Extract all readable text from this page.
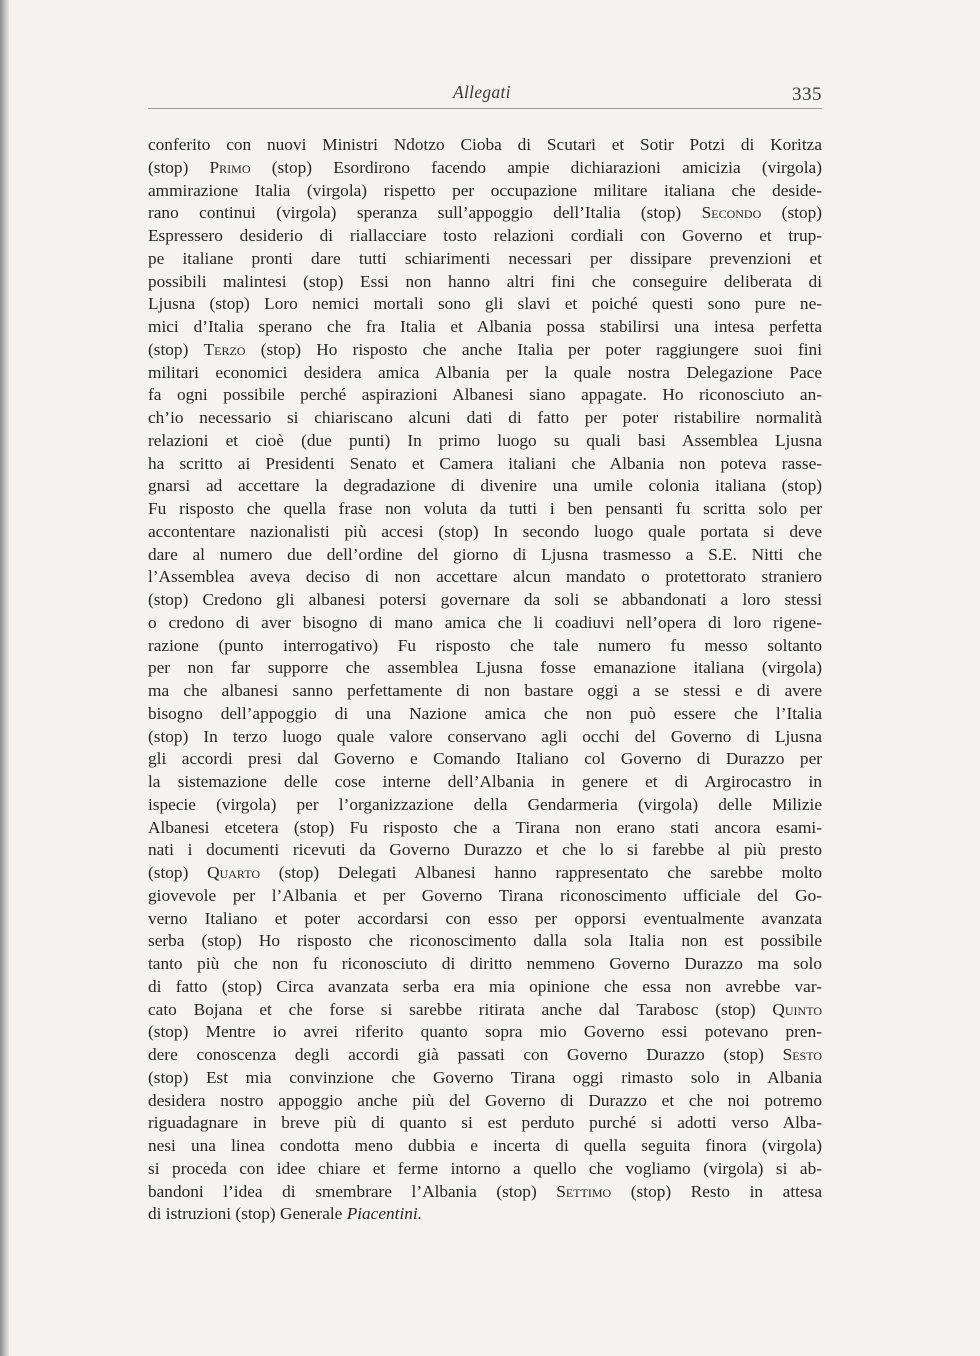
Allegati	335
conferito con nuovi Ministri Ndotzo Cioba di Scutari et Sotir Potzi di Koritza
(stop) Primo (stop) Esordirono facendo ampie dichiarazioni amicizia (virgola)
ammirazione Italia (virgola) rispetto per occupazione militare italiana che deside-
rano continui (virgola) speranza sull’appoggio dell’Italia (stop) Secondo (stop)
Espressero desiderio di riallacciare tosto relazioni cordiali con Governo et trup-
pe italiane pronti dare tutti schiarimenti necessari per dissipare prevenzioni et
possibili malintesi (stop) Essi non hanno altri fini che conseguire deliberata di
Ljusna (stop) Loro nemici mortali sono gli slavi et poiché questi sono pure ne-
mici d’Italia sperano che fra Italia et Albania possa stabilirsi una intesa perfetta
(stop) Terzo (stop) Ho risposto che anche Italia per poter raggiungere suoi fini
militari economici desidera amica Albania per la quale nostra Delegazione Pace
fa ogni possibile perché aspirazioni Albanesi siano appagate. Ho riconosciuto an-
ch’io necessario si chiariscano alcuni dati di fatto per poter ristabilire normalità
relazioni et cioè (due punti) In primo luogo su quali basi Assemblea Ljusna
ha scritto ai Presidenti Senato et Camera italiani che Albania non poteva rasse-
gnarsi ad accettare la degradazione di divenire una umile colonia italiana (stop)
Fu risposto che quella frase non voluta da tutti i ben pensanti fu scritta solo per
accontentare nazionalisti più accesi (stop) In secondo luogo quale portata si deve
dare al numero due dell’ordine del giorno di Ljusna trasmesso a S.E. Nitti che
l’Assemblea aveva deciso di non accettare alcun mandato o protettorato straniero
(stop) Credono gli albanesi potersi governare da soli se abbandonati a loro stessi
o credono di aver bisogno di mano amica che li coadiuvi nell’opera di loro rigene-
razione (punto interrogativo) Fu risposto che tale numero fu messo soltanto
per non far supporre che assemblea Ljusna fosse emanazione italiana (virgola)
ma che albanesi sanno perfettamente di non bastare oggi a se stessi e di avere
bisogno dell’appoggio di una Nazione amica che non può essere che l’Italia
(stop) In terzo luogo quale valore conservano agli occhi del Governo di Ljusna
gli accordi presi dal Governo e Comando Italiano col Governo di Durazzo per
la sistemazione delle cose interne dell’Albania in genere et di Argirocastro in
ispecie (virgola) per l’organizzazione della Gendarmeria (virgola) delle Milizie
Albanesi etcetera (stop) Fu risposto che a Tirana non erano stati ancora esami-
nati i documenti ricevuti da Governo Durazzo et che lo si farebbe al più presto
(stop) Quarto (stop) Delegati Albanesi hanno rappresentato che sarebbe molto
giovevole per l’Albania et per Governo Tirana riconoscimento ufficiale del Go-
verno Italiano et poter accordarsi con esso per opporsi eventualmente avanzata
serba (stop) Ho risposto che riconoscimento dalla sola Italia non est possibile
tanto più che non fu riconosciuto di diritto nemmeno Governo Durazzo ma solo
di fatto (stop) Circa avanzata serba era mia opinione che essa non avrebbe var-
cato Bojana et che forse si sarebbe ritirata anche dal Tarabosc (stop) Quinto
(stop) Mentre io avrei riferito quanto sopra mio Governo essi potevano pren-
dere conoscenza degli accordi già passati con Governo Durazzo (stop) Sesto
(stop) Est mia convinzione che Governo Tirana oggi rimasto solo in Albania
desidera nostro appoggio anche più del Governo di Durazzo et che noi potremo
riguadagnare in breve più di quanto si est perduto purché si adotti verso Alba-
nesi una linea condotta meno dubbia e incerta di quella seguita finora (virgola)
si proceda con idee chiare et ferme intorno a quello che vogliamo (virgola) si ab-
bandoni l’idea di smembrare l’Albania (stop) Settimo (stop) Resto in attesa
di istruzioni (stop) Generale Piacentini.
